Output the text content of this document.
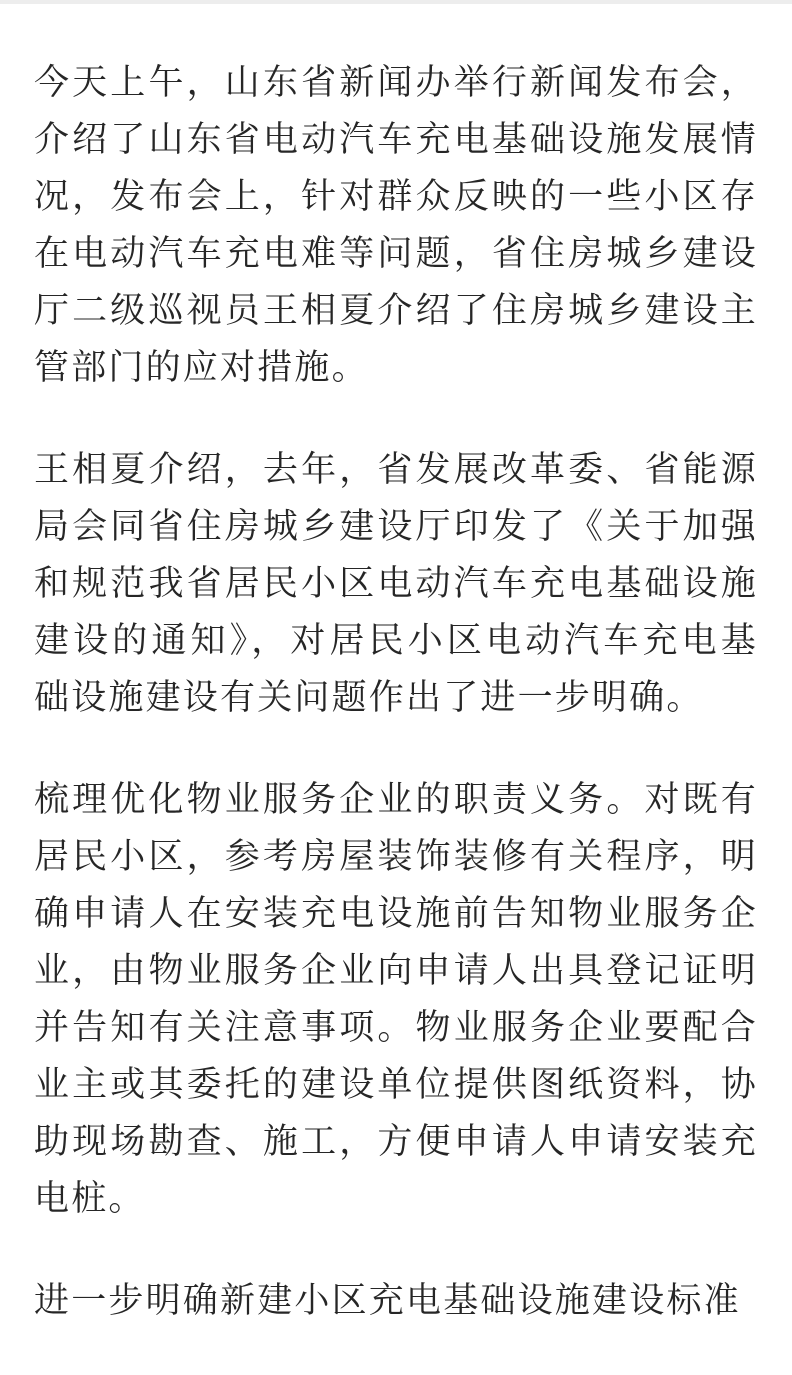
今天上午，山东省新闻办举行新闻发布会，介绍了山东省电动汽车充电基础设施发展情况，发布会上，针对群众反映的一些小区存在电动汽车充电难等问题，省住房城乡建设厅二级巡视员王相夏介绍了住房城乡建设主管部门的应对措施。

王相夏介绍，去年，省发展改革委、省能源局会同省住房城乡建设厅印发了《关于加强和规范我省居民小区电动汽车充电基础设施建设的通知》，对居民小区电动汽车充电基础设施建设有关问题作出了进一步明确。

梳理优化物业服务企业的职责义务。对既有居民小区，参考房屋装饰装修有关程序，明确申请人在安装充电设施前告知物业服务企业，由物业服务企业向申请人出具登记证明并告知有关注意事项。物业服务企业要配合业主或其委托的建设单位提供图纸资料，协助现场勘查、施工，方便申请人申请安装充电桩。

进一步明确新建小区充电基础设施建设标准
